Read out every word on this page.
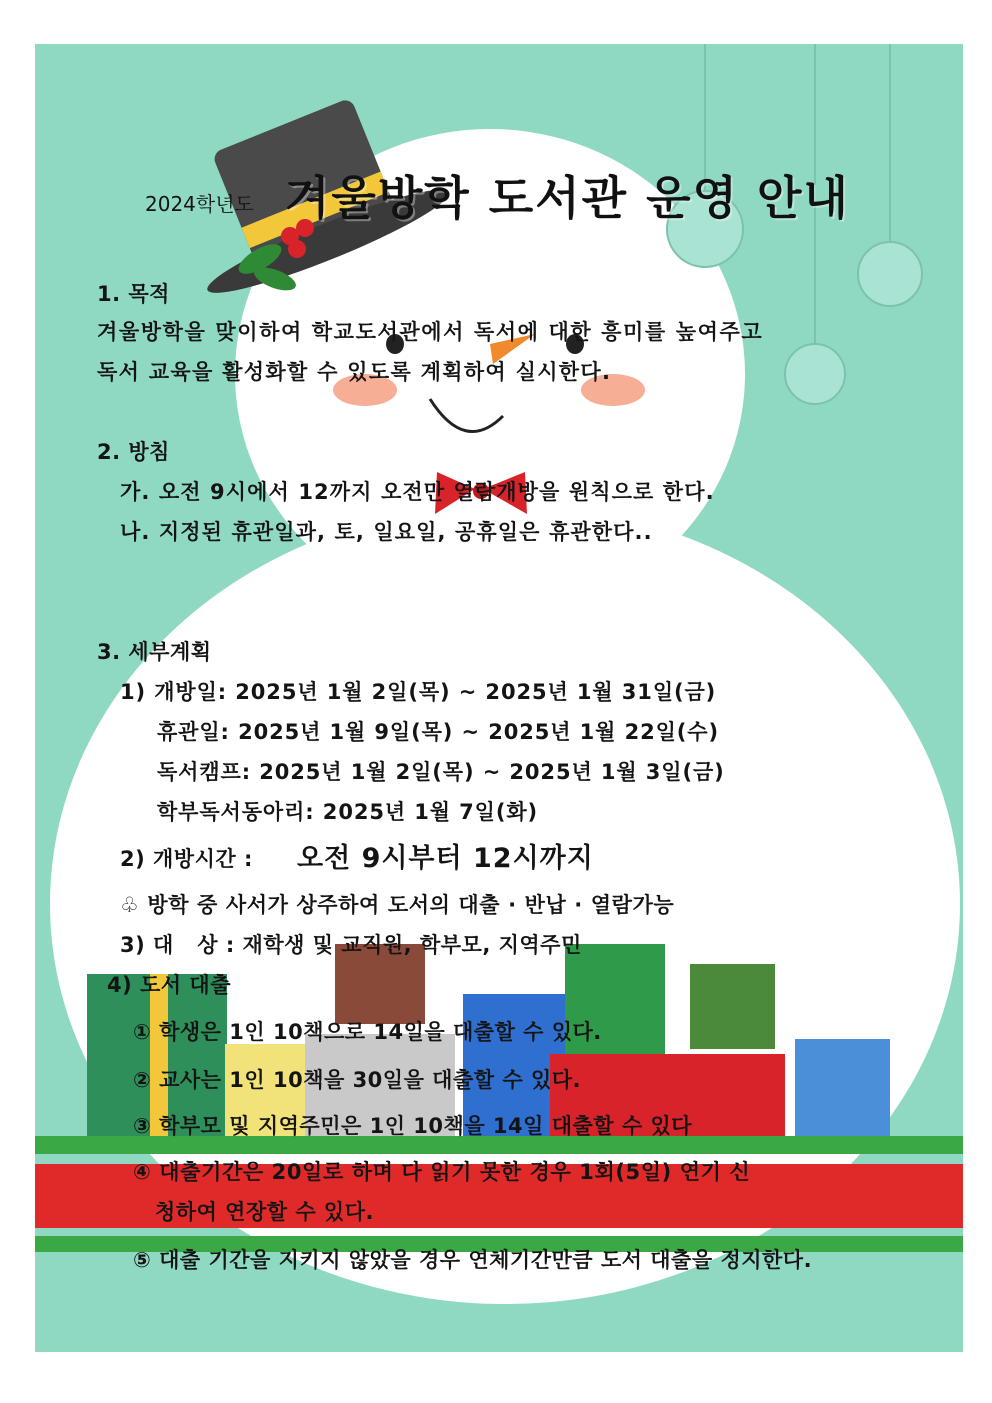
2024학년도 겨울방학 도서관 운영 안내
1. 목적
겨울방학을 맞이하여 학교도서관에서 독서에 대한 흥미를 높여주고
독서 교육을 활성화할 수 있도록 계획하여 실시한다.
2. 방침
가. 오전 9시에서 12까지 오전만 열람개방을 원칙으로 한다.
나. 지정된 휴관일과, 토, 일요일, 공휴일은 휴관한다..
3. 세부계획
1) 개방일: 2025년 1월 2일(목) ~ 2025년 1월 31일(금)
휴관일: 2025년 1월 9일(목) ~ 2025년 1월 22일(수)
독서캠프: 2025년 1월 2일(목) ~ 2025년 1월 3일(금)
학부독서동아리: 2025년 1월 7일(화)
2) 개방시간 : 오전 9시부터 12시까지
♧ 방학 중 사서가 상주하여 도서의 대출 · 반납 · 열람가능
3) 대   상 : 재학생 및 교직원, 학부모, 지역주민
4) 도서 대출
① 학생은 1인 10책으로 14일을 대출할 수 있다.
② 교사는 1인 10책을 30일을 대출할 수 있다.
③ 학부모 및 지역주민은 1인 10책을 14일 대출할 수 있다
④ 대출기간은 20일로 하며 다 읽기 못한 경우 1회(5일) 연기 신
청하여 연장할 수 있다.
⑤ 대출 기간을 지키지 않았을 경우 연체기간만큼 도서 대출을 정지한다.
